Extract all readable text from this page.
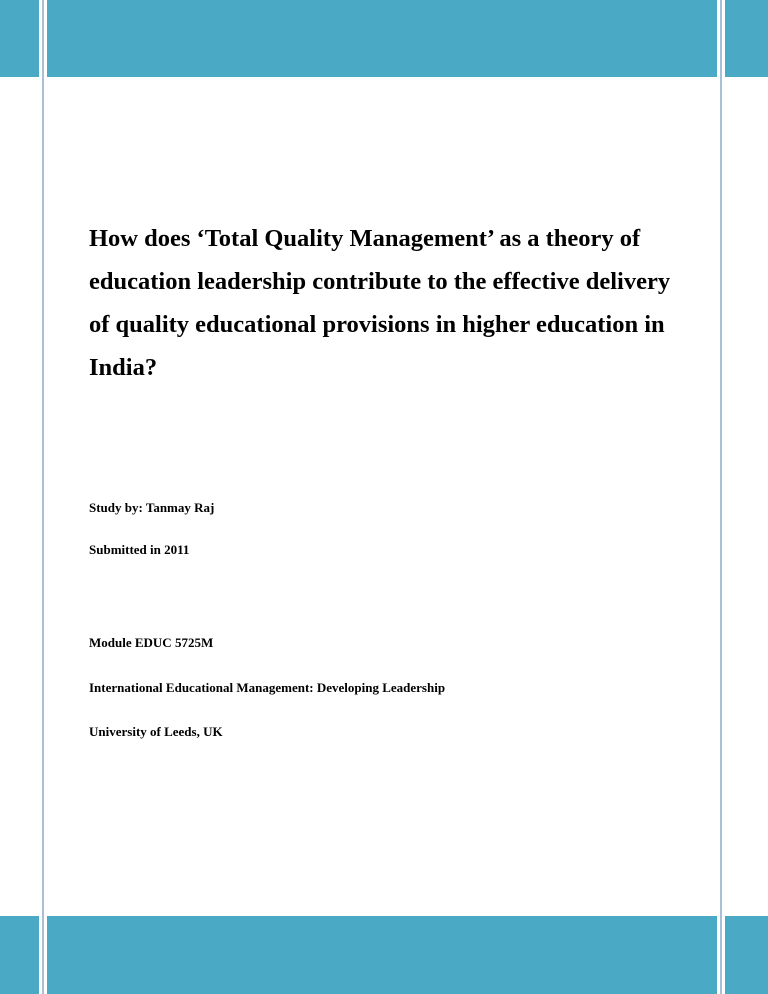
How does ‘Total Quality Management’ as a theory of education leadership contribute to the effective delivery of quality educational provisions in higher education in India?

Study by: Tanmay Raj

Submitted in 2011

Module EDUC 5725M

International Educational Management: Developing Leadership

University of Leeds, UK
